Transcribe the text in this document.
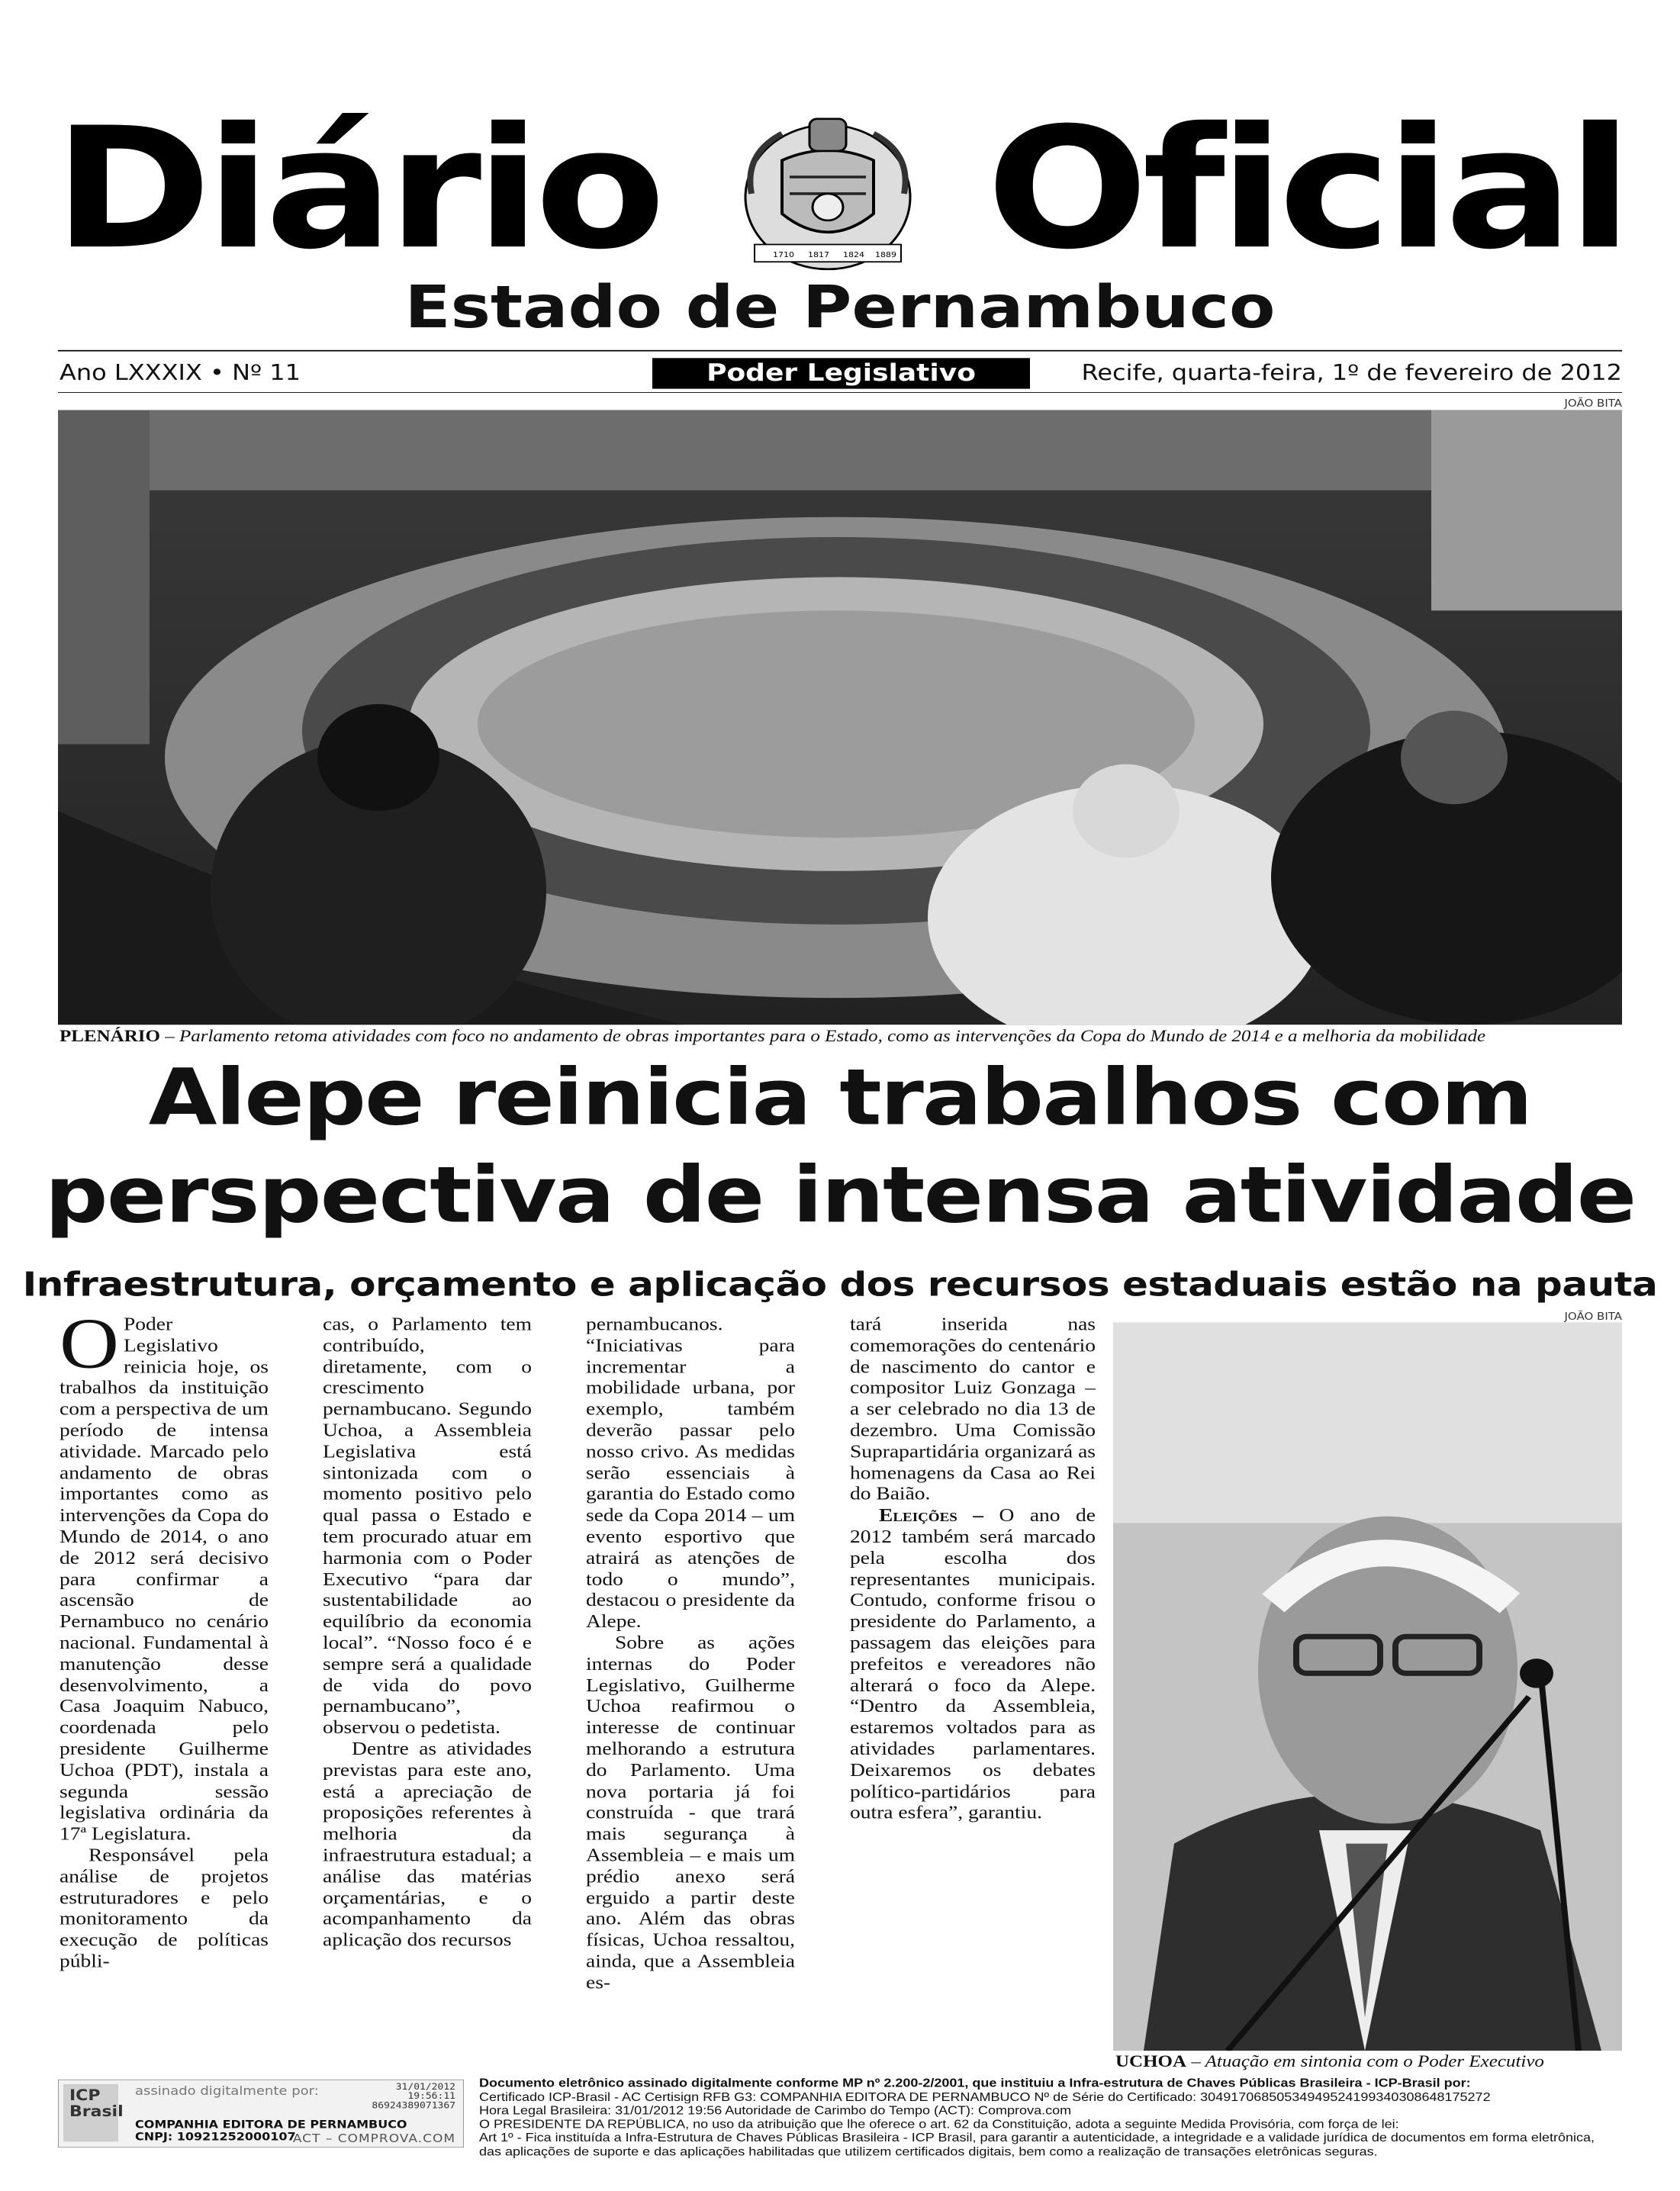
Diário	1710 1817 1824 1889 Oficial
Estado de Pernambuco
Ano LXXXIX • Nº 11	Poder Legislativo	Recife, quarta-feira, 1º de fevereiro de 2012
JOÃO BITA
PLENÁRIO – Parlamento retoma atividades com foco no andamento de obras importantes para o Estado, como as intervenções da Copa do Mundo de 2014 e a melhoria da mobilidade
Alepe reinicia trabalhos com
perspectiva de intensa atividade
Infraestrutura, orçamento e aplicação dos recursos estaduais estão na pauta

O Poder Legislativo reinicia hoje, os trabalhos da instituição com a perspectiva de um período de intensa atividade. Marcado pelo andamento de obras importantes como as intervenções da Copa do Mundo de 2014, o ano de 2012 será decisivo para confirmar a ascensão de Pernambuco no cenário nacional. Fundamental à manutenção desse desenvolvimento, a Casa Joaquim Nabuco, coordenada pelo presidente Guilherme Uchoa (PDT), instala a segunda sessão legislativa ordinária da 17ª Legislatura.

Responsável pela análise de projetos estruturadores e pelo monitoramento da execução de políticas públi-

cas, o Parlamento tem contribuído, diretamente, com o crescimento pernambucano. Segundo Uchoa, a Assembleia Legislativa está sintonizada com o momento positivo pelo qual passa o Estado e tem procurado atuar em harmonia com o Poder Executivo “para dar sustentabilidade ao equilíbrio da economia local”. “Nosso foco é e sempre será a qualidade de vida do povo pernambucano”, observou o pedetista.

Dentre as atividades previstas para este ano, está a apreciação de proposições referentes à melhoria da infraestrutura estadual; a análise das matérias orçamentárias, e o acompanhamento da aplicação dos recursos

pernambucanos. “Iniciativas para incrementar a mobilidade urbana, por exemplo, também deverão passar pelo nosso crivo. As medidas serão essenciais à garantia do Estado como sede da Copa 2014 – um evento esportivo que atrairá as atenções de todo o mundo”, destacou o presidente da Alepe.

Sobre as ações internas do Poder Legislativo, Guilherme Uchoa reafirmou o interesse de continuar melhorando a estrutura do Parlamento. Uma nova portaria já foi construída - que trará mais segurança à Assembleia – e mais um prédio anexo será erguido a partir deste ano. Além das obras físicas, Uchoa ressaltou, ainda, que a Assembleia es-

tará inserida nas comemorações do centenário de nascimento do cantor e compositor Luiz Gonzaga – a ser celebrado no dia 13 de dezembro. Uma Comissão Suprapartidária organizará as homenagens da Casa ao Rei do Baião.

Eleições – O ano de 2012 também será marcado pela escolha dos representantes municipais. Contudo, conforme frisou o presidente do Parlamento, a passagem das eleições para prefeitos e vereadores não alterará o foco da Alepe. “Dentro da Assembleia, estaremos voltados para as atividades parlamentares. Deixaremos os debates político-partidários para outra esfera”, garantiu.

JOÃO BITA
UCHOA – Atuação em sintonia com o Poder Executivo
ICP Brasil
assinado digitalmente por:	31/01/2012
19:56:11
86924389071367
COMPANHIA EDITORA DE PERNAMBUCO
CNPJ: 10921252000107
ACT – COMPROVA.COM
Documento eletrônico assinado digitalmente conforme MP nº 2.200-2/2001, que instituiu a Infra-estrutura de Chaves Públicas Brasileira - ICP-Brasil por:
Certificado ICP-Brasil - AC Certisign RFB G3: COMPANHIA EDITORA DE PERNAMBUCO Nº de Série do Certificado: 30491706850534949524199340308648175272
Hora Legal Brasileira: 31/01/2012 19:56 Autoridade de Carimbo do Tempo (ACT): Comprova.com
O PRESIDENTE DA REPÚBLICA, no uso da atribuição que lhe oferece o art. 62 da Constituição, adota a seguinte Medida Provisória, com força de lei:
Art 1º - Fica instituída a Infra-Estrutura de Chaves Públicas Brasileira - ICP Brasil, para garantir a autenticidade, a integridade e a validade jurídica de documentos em forma eletrônica,
das aplicações de suporte e das aplicações habilitadas que utilizem certificados digitais, bem como a realização de transações eletrônicas seguras.
